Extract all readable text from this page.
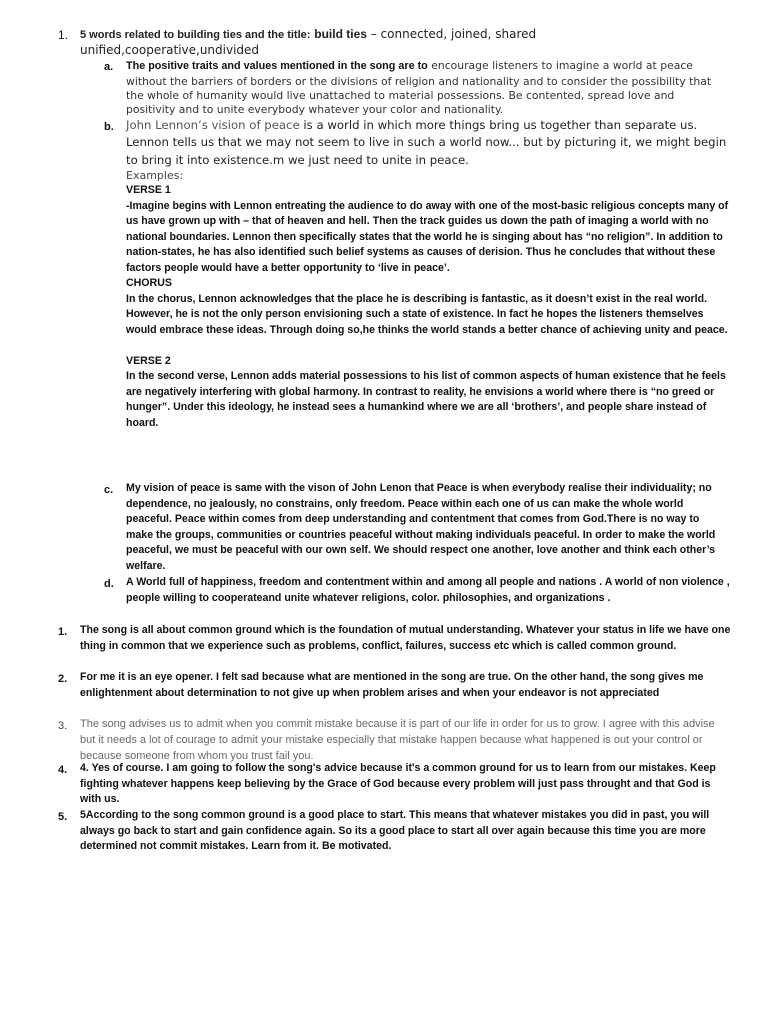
1. 5 words related to building ties and the title: build ties – connected, joined, shared

unified,cooperative,undivided

a. The positive traits and values mentioned in the song are to encourage listeners to imagine a world at peace without the barriers of borders or the divisions of religion and nationality and to consider the possibility that the whole of humanity would live unattached to material possessions. Be contented, spread love and positivity and to unite everybody whatever your color and nationality.
b. John Lennon’s vision of peace is a world in which more things bring us together than separate us. Lennon tells us that we may not seem to live in such a world now... but by picturing it, we might begin to bring it into existence.m we just need to unite in peace.
Examples:

VERSE 1

-Imagine begins with Lennon entreating the audience to do away with one of the most-basic religious concepts many of us have grown up with – that of heaven and hell. Then the track guides us down the path of imaging a world with no national boundaries. Lennon then specifically states that the world he is singing about has “no religion”. In addition to nation-states, he has also identified such belief systems as causes of derision. Thus he concludes that without these factors people would have a better opportunity to ‘live in peace’.

CHORUS

In the chorus, Lennon acknowledges that the place he is describing is fantastic, as it doesn’t exist in the real world. However, he is not the only person envisioning such a state of existence. In fact he hopes the listeners themselves would embrace these ideas. Through doing so,he thinks the world stands a better chance of achieving unity and peace.

VERSE 2

In the second verse, Lennon adds material possessions to his list of common aspects of human existence that he feels are negatively interfering with global harmony. In contrast to reality, he envisions a world where there is “no greed or hunger”. Under this ideology, he instead sees a humankind where we are all ‘brothers’, and people share instead of hoard.

c. My vision of peace is same with the vison of John Lenon that Peace is when everybody realise their individuality; no dependence, no jealously, no constrains, only freedom. Peace within each one of us can make the whole world peaceful. Peace within comes from deep understanding and contentment that comes from God.There is no way to make the groups, communities or countries peaceful without making individuals peaceful. In order to make the world peaceful, we must be peaceful with our own self. We should respect one another, love another and think each other’s welfare.
d. A World full of happiness, freedom and contentment within and among all people and nations . A world of non violence , people willing to cooperateand unite whatever religions, color. philosophies, and organizations .
1. The song is all about common ground which is the foundation of mutual understanding. Whatever your status in life we have one thing in common that we experience such as problems, conflict, failures, success etc which is called common ground.
2. For me it is an eye opener. I felt sad because what are mentioned in the song are true. On the other hand, the song gives me enlightenment about determination to not give up when problem arises and when your endeavor is not appreciated
3. The song advises us to admit when you commit mistake because it is part of our life in order for us to grow. I agree with this advise but it needs a lot of courage to admit your mistake especially that mistake happen because what happened is out your control or because someone from whom you trust fail you.
4. 4. Yes of course. I am going to follow the song's advice because it's a common ground for us to learn from our mistakes. Keep fighting whatever happens keep believing by the Grace of God because every problem will just pass throught and that God is with us.
5. 5According to the song common ground is a good place to start. This means that whatever mistakes you did in past, you will always go back to start and gain confidence again. So its a good place to start all over again because this time you are more determined not commit mistakes. Learn from it. Be motivated.
